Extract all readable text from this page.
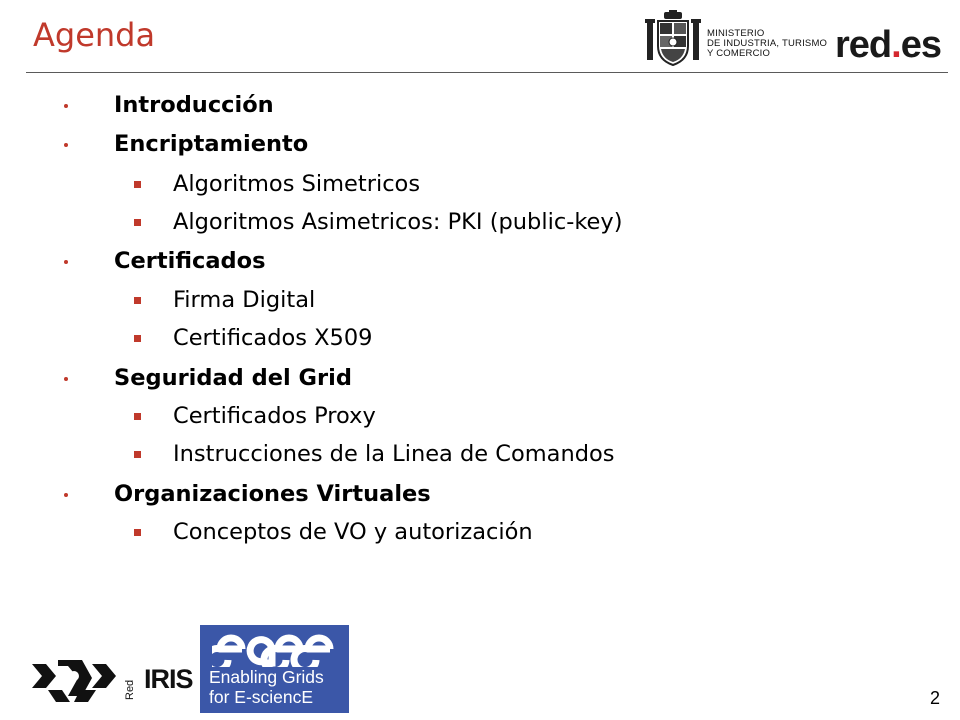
Agenda	MINISTERIO
DE INDUSTRIA, TURISMO
Y COMERCIO	red.es
Introducción
Encriptamiento
Algoritmos Simetricos
Algoritmos Asimetricos: PKI (public-key)
Certificados
Firma Digital
Certificados X509
Seguridad del Grid
Certificados Proxy
Instrucciones de la Linea de Comandos
Organizaciones Virtuales
Conceptos de VO y autorización
Red IRIS Enabling Grids
for E-sciencE	2
